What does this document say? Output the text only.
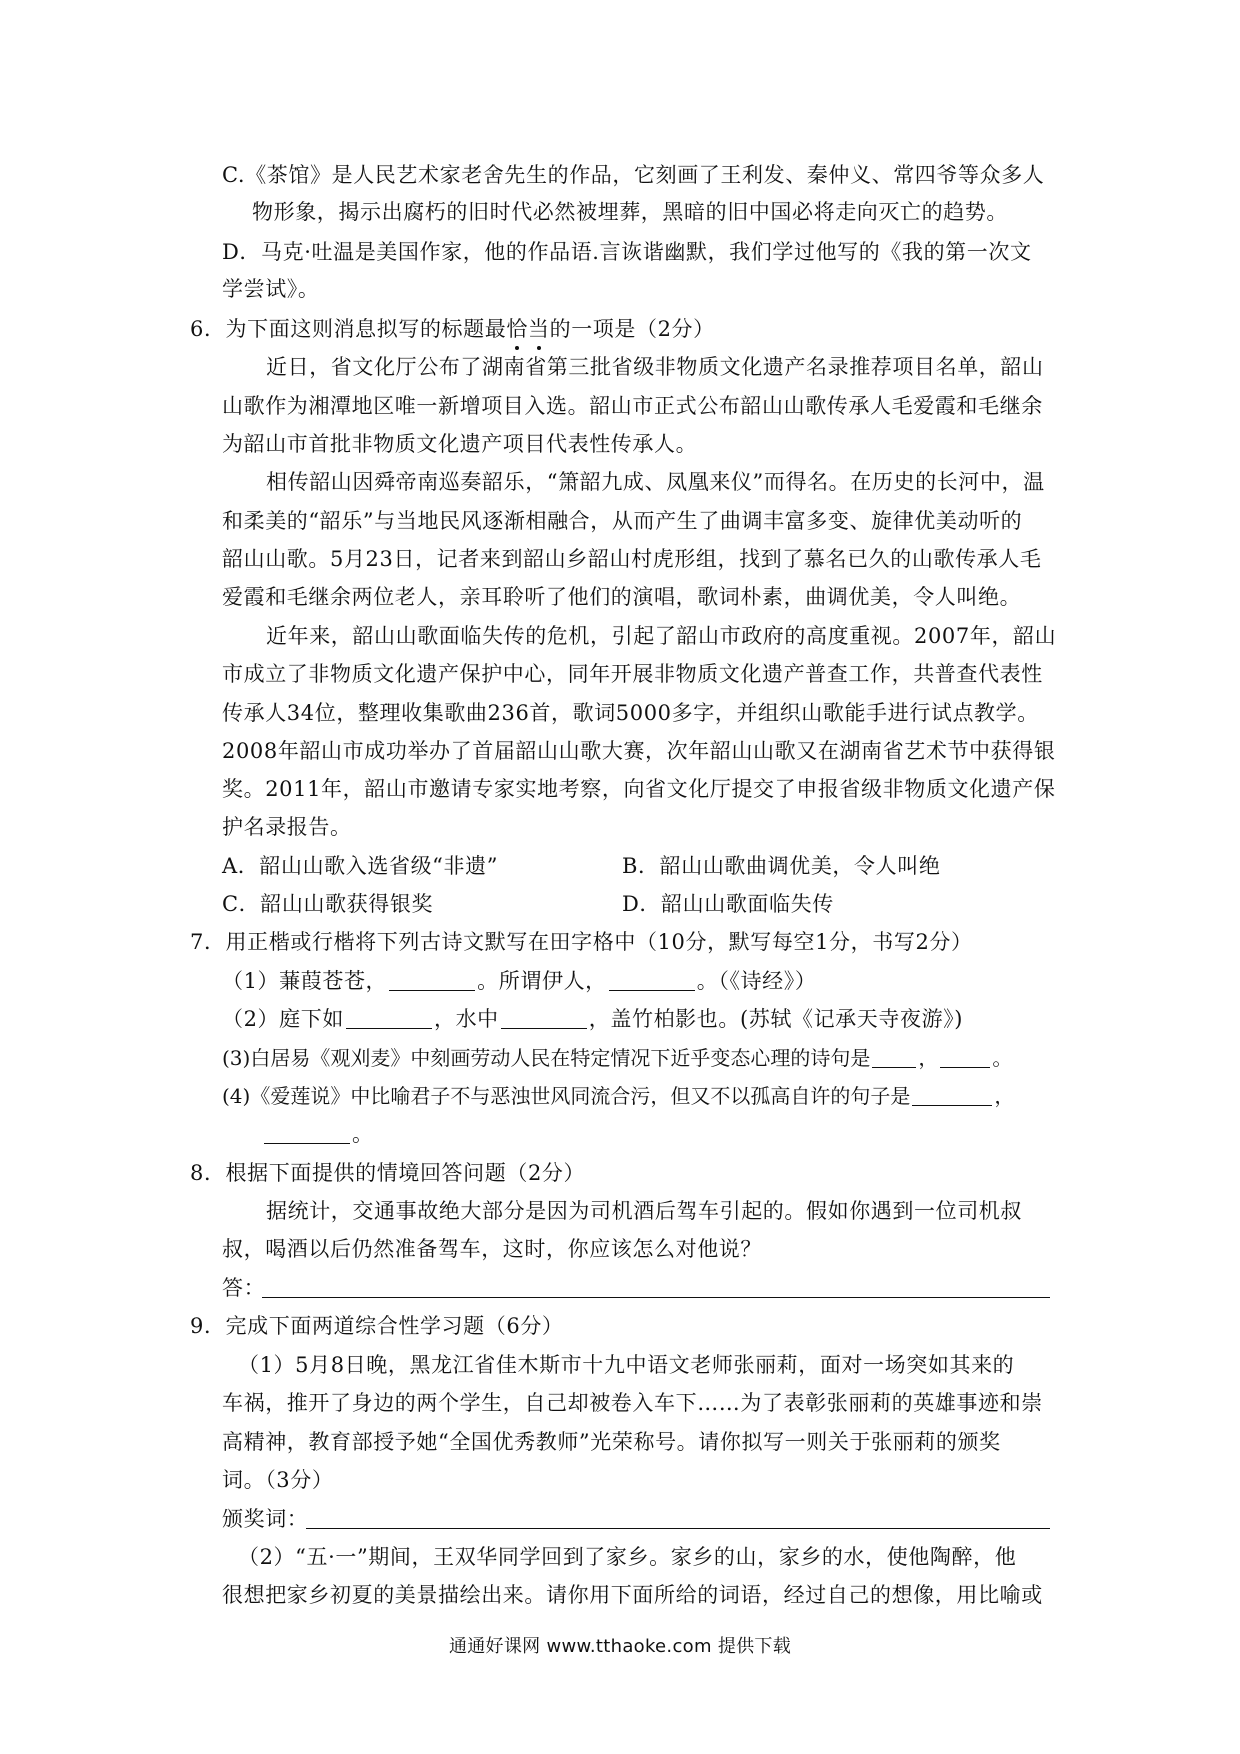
C.《茶馆》是人民艺术家老舍先生的作品，它刻画了王利发、秦仲义、常四爷等众多人
物形象，揭示出腐朽的旧时代必然被埋葬，黑暗的旧中国必将走向灭亡的趋势。
D．马克·吐温是美国作家，他的作品语.言诙谐幽默，我们学过他写的《我的第一次文
学尝试》。
6．为下面这则消息拟写的标题最恰当的一项是（2分）
近日，省文化厅公布了湖南省第三批省级非物质文化遗产名录推荐项目名单，韶山
山歌作为湘潭地区唯一新增项目入选。韶山市正式公布韶山山歌传承人毛爱霞和毛继余
为韶山市首批非物质文化遗产项目代表性传承人。
相传韶山因舜帝南巡奏韶乐，“箫韶九成、凤凰来仪”而得名。在历史的长河中，温
和柔美的“韶乐”与当地民风逐渐相融合，从而产生了曲调丰富多变、旋律优美动听的
韶山山歌。5月23日，记者来到韶山乡韶山村虎形组，找到了慕名已久的山歌传承人毛
爱霞和毛继余两位老人，亲耳聆听了他们的演唱，歌词朴素，曲调优美，令人叫绝。
近年来，韶山山歌面临失传的危机，引起了韶山市政府的高度重视。2007年，韶山
市成立了非物质文化遗产保护中心，同年开展非物质文化遗产普查工作，共普查代表性
传承人34位，整理收集歌曲236首，歌词5000多字，并组织山歌能手进行试点教学。
2008年韶山市成功举办了首届韶山山歌大赛，次年韶山山歌又在湖南省艺术节中获得银
奖。2011年，韶山市邀请专家实地考察，向省文化厅提交了申报省级非物质文化遗产保
护名录报告。
A．韶山山歌入选省级“非遗”	B．韶山山歌曲调优美，令人叫绝
C．韶山山歌获得银奖	D．韶山山歌面临失传
7．用正楷或行楷将下列古诗文默写在田字格中（10分，默写每空1分，书写2分）
（1）蒹葭苍苍，	。所谓伊人，	。（《诗经》）
（2）庭下如	，水中	，盖竹柏影也。(苏轼《记承天寺夜游》)
(3)白居易《观刈麦》中刻画劳动人民在特定情况下近乎变态心理的诗句是 ，	。
(4)《爱莲说》中比喻君子不与恶浊世风同流合污，但又不以孤高自许的句子是	，
。
8．根据下面提供的情境回答问题（2分）
据统计，交通事故绝大部分是因为司机酒后驾车引起的。假如你遇到一位司机叔
叔，喝酒以后仍然准备驾车，这时，你应该怎么对他说？
答：
9．完成下面两道综合性学习题（6分）
（1）5月8日晚，黑龙江省佳木斯市十九中语文老师张丽莉，面对一场突如其来的
车祸，推开了身边的两个学生，自己却被卷入车下……为了表彰张丽莉的英雄事迹和崇
高精神，教育部授予她“全国优秀教师”光荣称号。请你拟写一则关于张丽莉的颁奖
词。（3分）
颁奖词：
（2）“五·一”期间，王双华同学回到了家乡。家乡的山，家乡的水，使他陶醉，他
很想把家乡初夏的美景描绘出来。请你用下面所给的词语，经过自己的想像，用比喻或
通通好课网 www.tthaoke.com 提供下载
